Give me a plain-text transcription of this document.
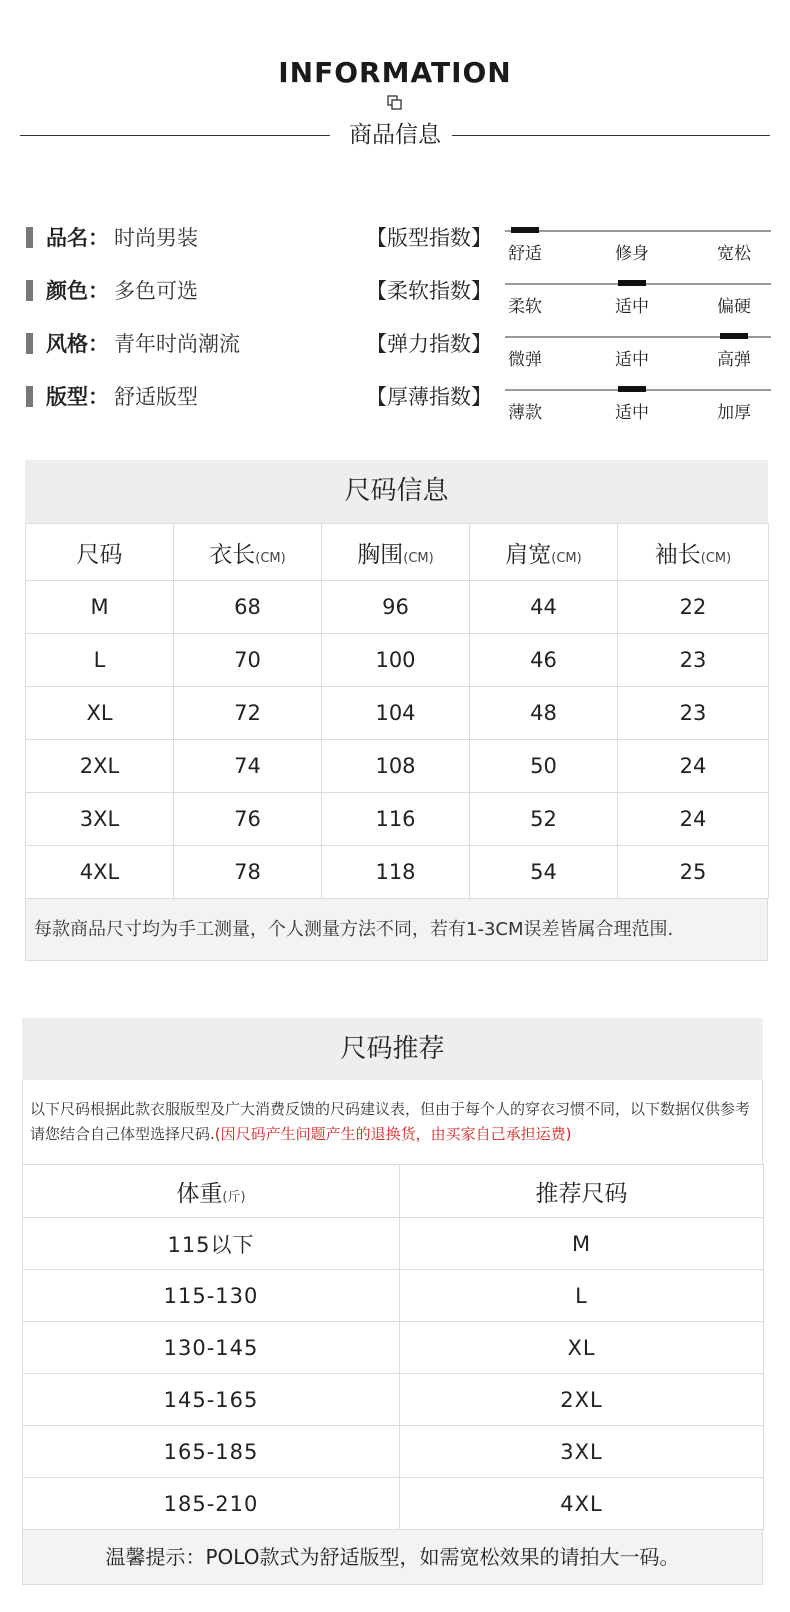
INFORMATION
商品信息
品名： 时尚男装
颜色： 多色可选
风格： 青年时尚潮流
版型： 舒适版型
【版型指数】
【柔软指数】
【弹力指数】
【厚薄指数】
舒适	修身	宽松
柔软	适中	偏硬
微弹	适中	高弹
薄款	适中	加厚
尺码信息
尺码	衣长(CM)	胸围(CM)	肩宽(CM)	袖长(CM)
M	68	96	44	22
L	70	100	46	23
XL	72	104	48	23
2XL	74	108	50	24
3XL	76	116	52	24
4XL	78	118	54	25
每款商品尺寸均为手工测量，个人测量方法不同，若有1-3CM误差皆属合理范围.
尺码推荐
以下尺码根据此款衣服版型及广大消费反馈的尺码建议表，但由于每个人的穿衣习惯不同，以下数据仅供参考请您结合自己体型选择尺码.(因尺码产生问题产生的退换货，由买家自己承担运费)
体重(斤)	推荐尺码
115以下	M
115-130	L
130-145	XL
145-165	2XL
165-185	3XL
185-210	4XL
温馨提示：POLO款式为舒适版型，如需宽松效果的请拍大一码。
